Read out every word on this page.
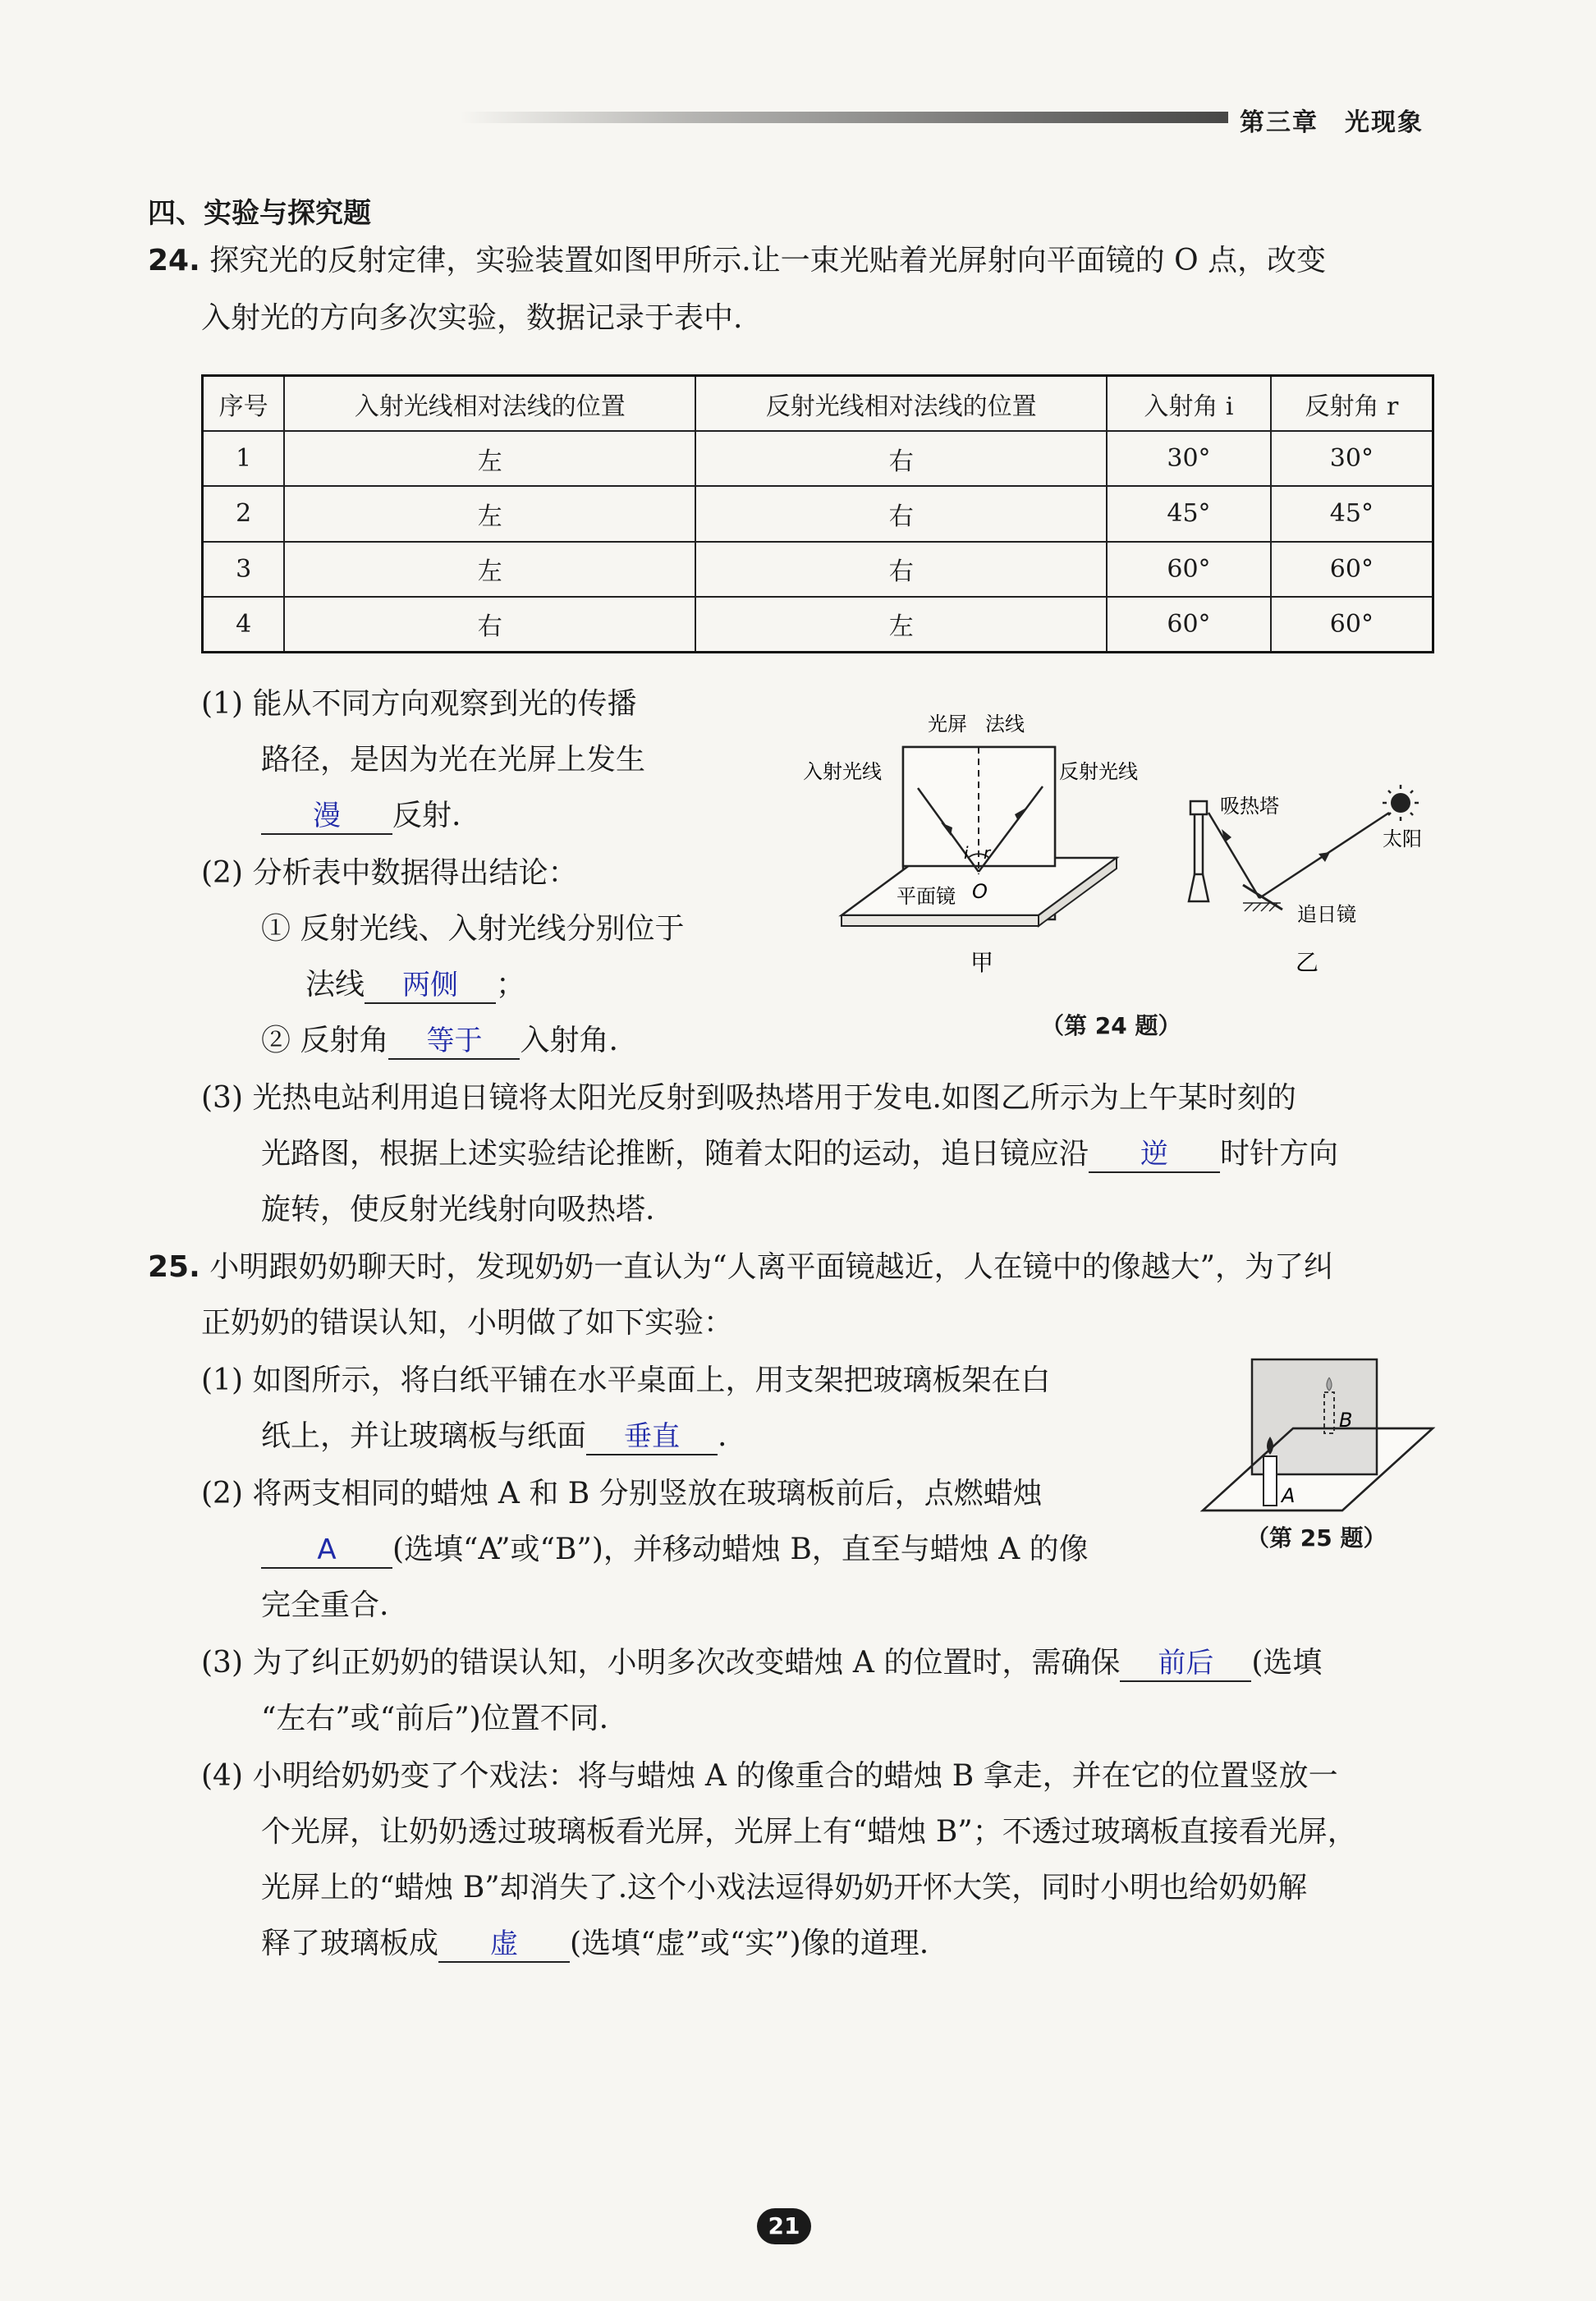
第三章　光现象
四、实验与探究题
24. 探究光的反射定律，实验装置如图甲所示.让一束光贴着光屏射向平面镜的 O 点，改变
入射光的方向多次实验，数据记录于表中.
序号	入射光线相对法线的位置	反射光线相对法线的位置	入射角 i	反射角 r
1	左	右	30°	30°
2	左	右	45°	45°
3	左	右	60°	60°
4	右	左	60°	60°
(1) 能从不同方向观察到光的传播
路径，是因为光在光屏上发生
漫 反射.
(2) 分析表中数据得出结论：
① 反射光线、入射光线分别位于
法线 两侧 ；
② 反射角 等于 入射角.
光屏 法线
入射光线	反射光线
i r
O
平面镜
甲
吸热塔
太阳
追日镜
乙
（第 24 题）
(3) 光热电站利用追日镜将太阳光反射到吸热塔用于发电.如图乙所示为上午某时刻的
光路图，根据上述实验结论推断，随着太阳的运动，追日镜应沿 逆 时针方向
旋转，使反射光线射向吸热塔.
25. 小明跟奶奶聊天时，发现奶奶一直认为“人离平面镜越近，人在镜中的像越大”，为了纠
正奶奶的错误认知，小明做了如下实验：
(1) 如图所示，将白纸平铺在水平桌面上，用支架把玻璃板架在白
纸上，并让玻璃板与纸面 垂直 .
(2) 将两支相同的蜡烛 A 和 B 分别竖放在玻璃板前后，点燃蜡烛
A (选填“A”或“B”)，并移动蜡烛 B，直至与蜡烛 A 的像
完全重合.
B
A
（第 25 题）
(3) 为了纠正奶奶的错误认知，小明多次改变蜡烛 A 的位置时，需确保 前后 (选填
“左右”或“前后”)位置不同.
(4) 小明给奶奶变了个戏法：将与蜡烛 A 的像重合的蜡烛 B 拿走，并在它的位置竖放一
个光屏，让奶奶透过玻璃板看光屏，光屏上有“蜡烛 B”；不透过玻璃板直接看光屏，
光屏上的“蜡烛 B”却消失了.这个小戏法逗得奶奶开怀大笑，同时小明也给奶奶解
释了玻璃板成 虚 (选填“虚”或“实”)像的道理.
21
